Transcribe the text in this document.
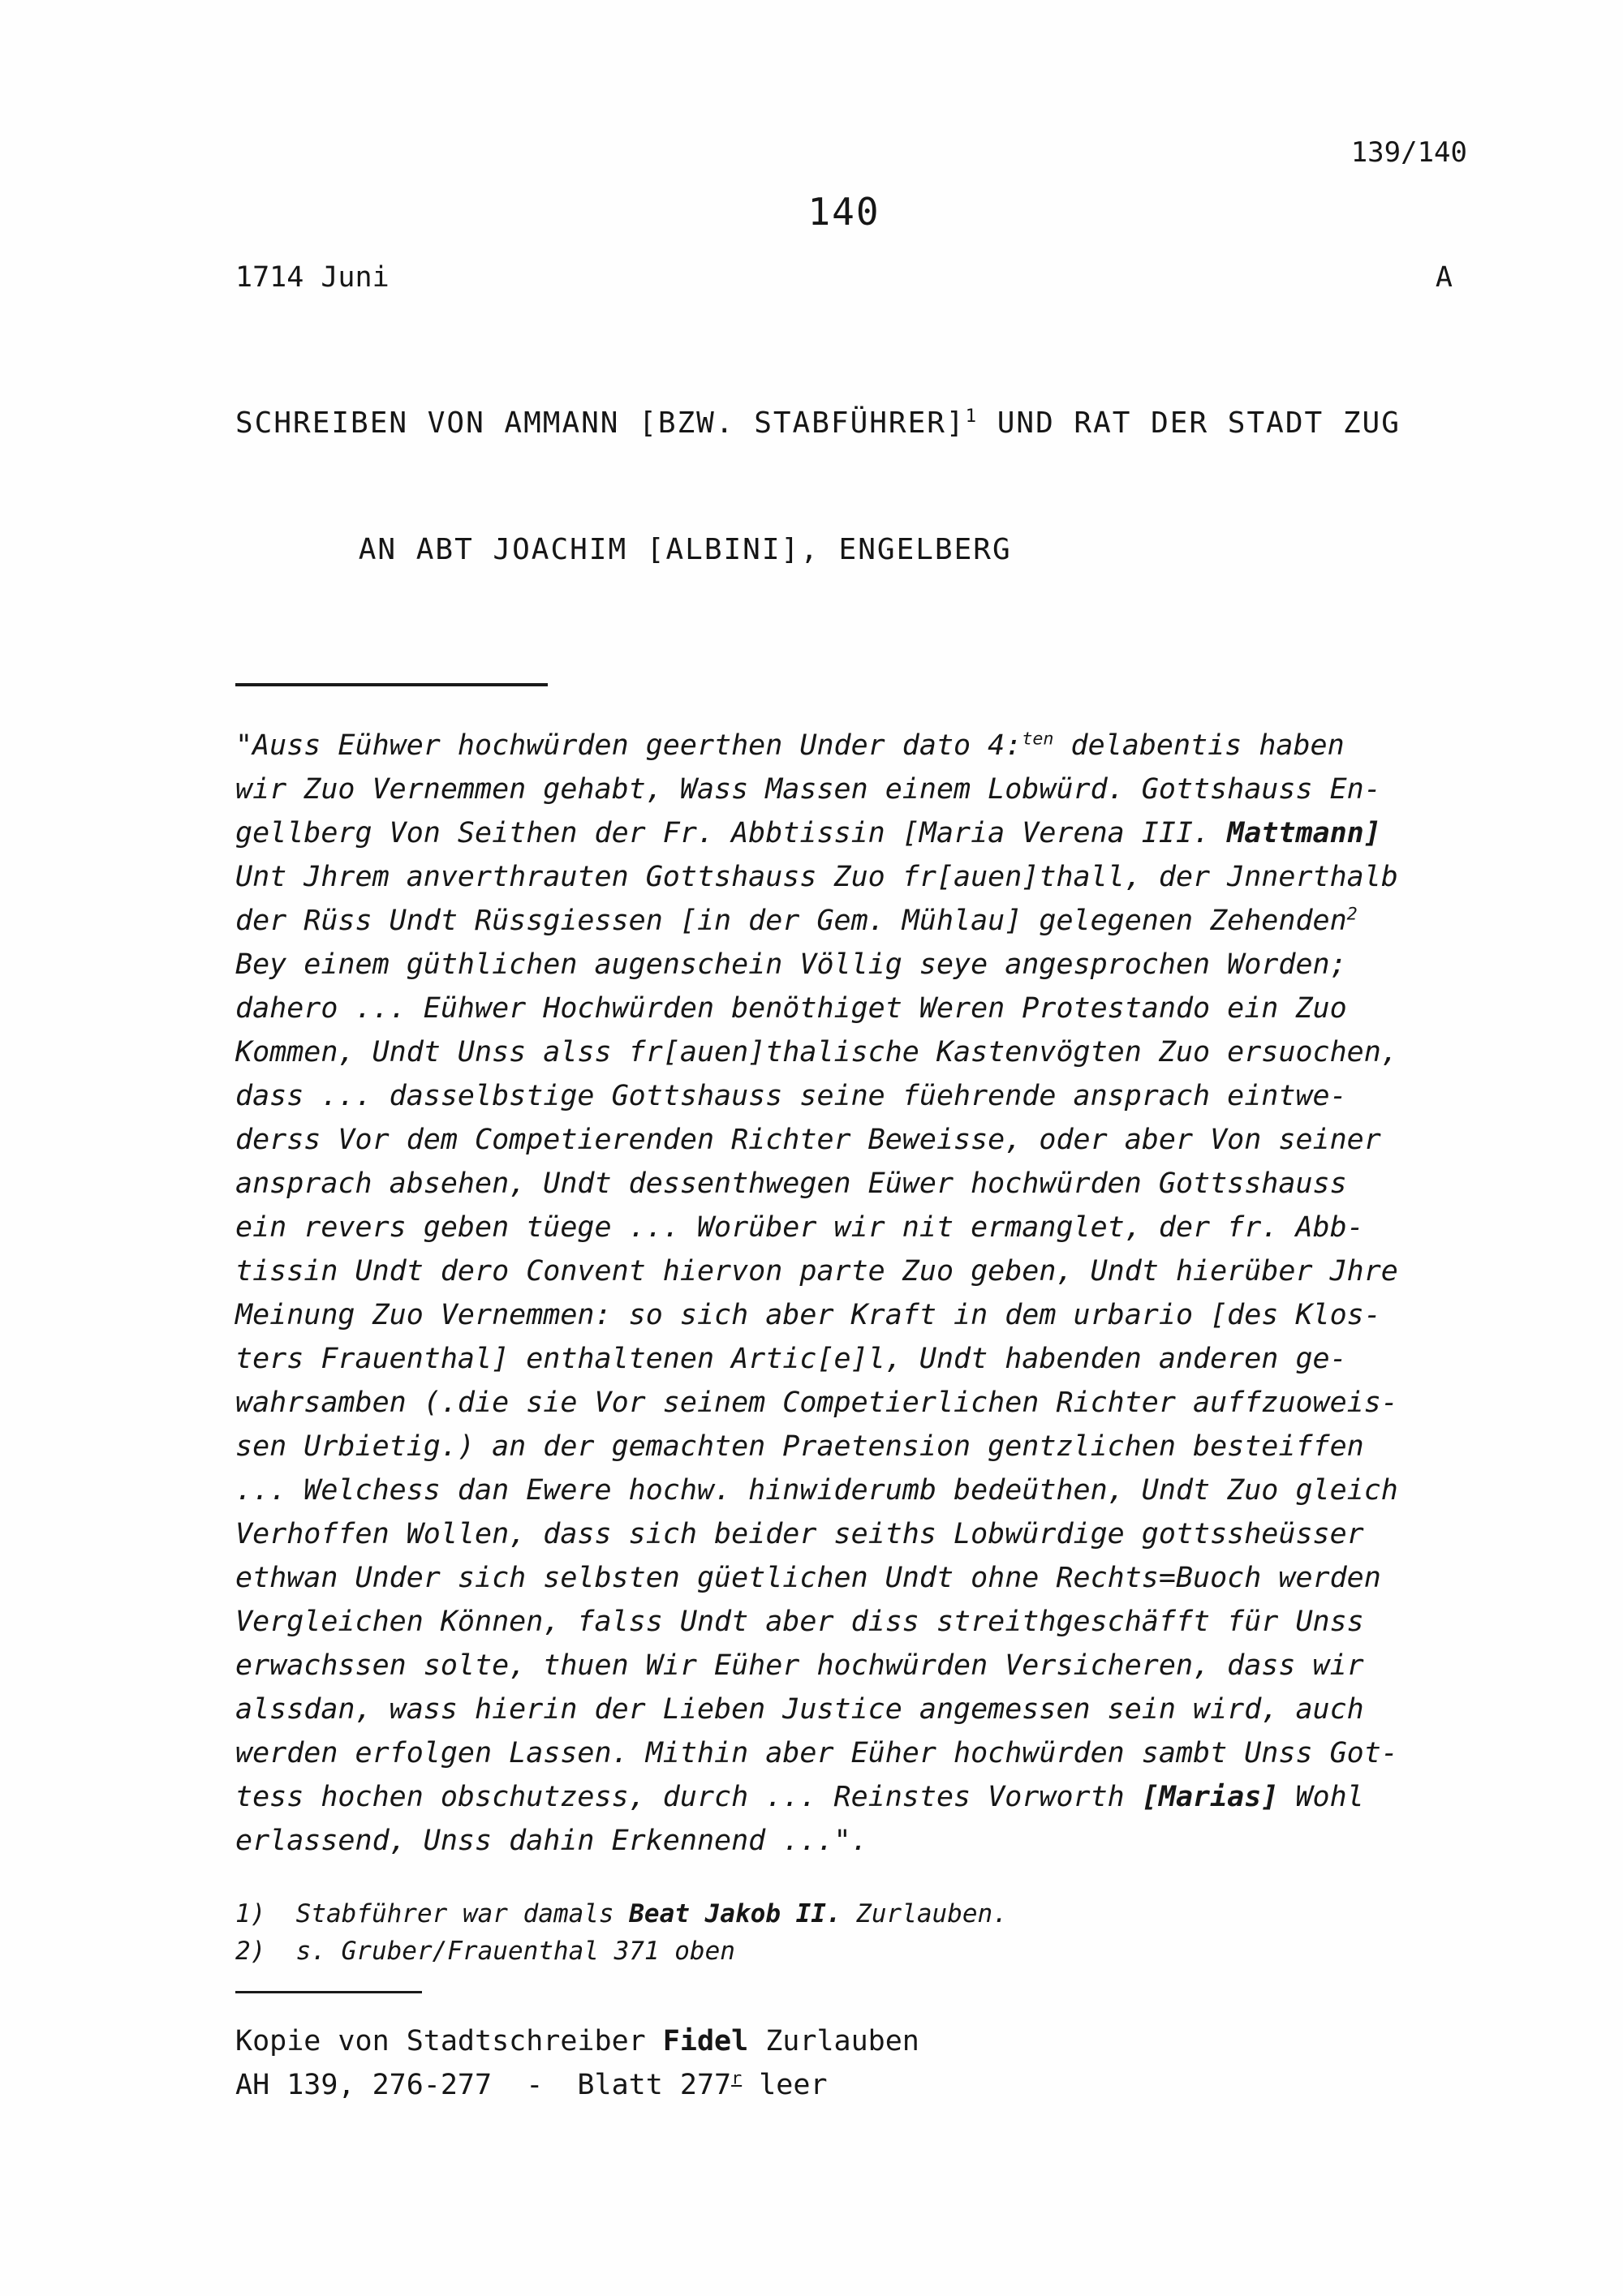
139/140
140
1714 Juni	A

SCHREIBEN VON AMMANN [BZW. STABFÜHRER]$^1$ UND RAT DER STADT ZUG

AN ABT JOACHIM [ALBINI], ENGELBERG

"Auss Eühwer hochwürden geerthen Under dato 4:$^{ten}$ delabentis haben
wir Zuo Vernemmen gehabt, Wass Massen einem Lobwürd. Gottshauss En-
gellberg Von Seithen der Fr. Abbtissin [Maria Verena III. Mattmann]
Unt Jhrem anverthrauten Gottshauss Zuo fr[auen]thall, der Jnnerthalb
der Rüss Undt Rüssgiessen [in der Gem. Mühlau] gelegenen Zehenden$^2$
Bey einem güthlichen augenschein Völlig seye angesprochen Worden;
dahero ... Eühwer Hochwürden benöthiget Weren Protestando ein Zuo
Kommen, Undt Unss alss fr[auen]thalische Kastenvögten Zuo ersuochen,
dass ... dasselbstige Gottshauss seine füehrende ansprach eintwe-
derss Vor dem Competierenden Richter Beweisse, oder aber Von seiner
ansprach absehen, Undt dessenthwegen Eüwer hochwürden Gottsshauss
ein revers geben tüege ... Worüber wir nit ermanglet, der fr. Abb-
tissin Undt dero Convent hiervon parte Zuo geben, Undt hierüber Jhre
Meinung Zuo Vernemmen: so sich aber Kraft in dem urbario [des Klos-
ters Frauenthal] enthaltenen Artic[e]l, Undt habenden anderen ge-
wahrsamben (.die sie Vor seinem Competierlichen Richter auffzuoweis-
sen Urbietig.) an der gemachten Praetension gentzlichen besteiffen
... Welchess dan Ewere hochw. hinwiderumb bedeüthen, Undt Zuo gleich
Verhoffen Wollen, dass sich beider seiths Lobwürdige gottssheüsser
ethwan Under sich selbsten güetlichen Undt ohne Rechts=Buoch werden
Vergleichen Können, falss Undt aber diss streithgeschäfft für Unss
erwachssen solte, thuen Wir Eüher hochwürden Versicheren, dass wir
alssdan, wass hierin der Lieben Justice angemessen sein wird, auch
werden erfolgen Lassen. Mithin aber Eüher hochwürden sambt Unss Got-
tess hochen obschutzess, durch ... Reinstes Vorworth [Marias] Wohl
erlassend, Unss dahin Erkennend ...".
1)  Stabführer war damals Beat Jakob II. Zurlauben.
2)  s. Gruber/Frauenthal 371 oben
Kopie von Stadtschreiber Fidel Zurlauben
AH 139, 276-277  -  Blatt 277$^r$ leer
